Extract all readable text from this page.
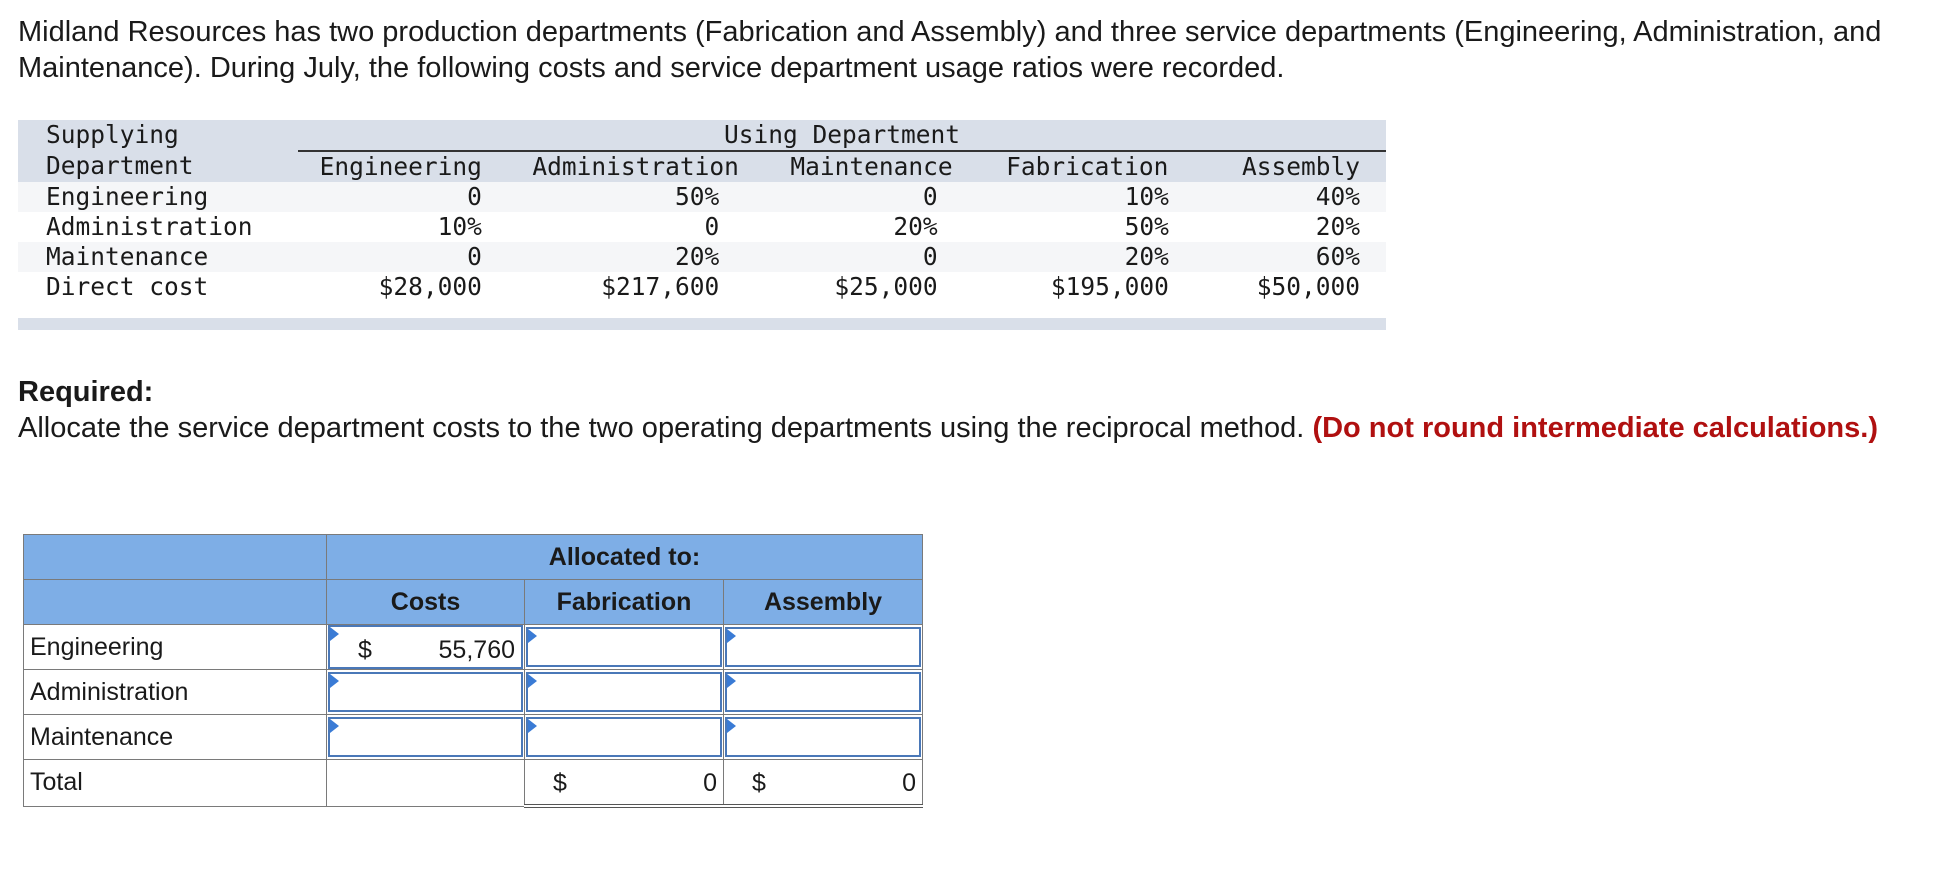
Midland Resources has two production departments (Fabrication and Assembly) and three service departments (Engineering, Administration, and Maintenance). During July, the following costs and service department usage ratios were recorded.

Supplying	Using Department				
Department	Engineering	Administration	Maintenance	Fabrication	Assembly
Engineering	0	50%	0	10%	40%
Administration	10%	0	20%	50%	20%
Maintenance	0	20%	0	20%	60%
Direct cost	$28,000	$217,600	$25,000	$195,000	$50,000

Required:

Allocate the service department costs to the two operating departments using the reciprocal method. (Do not round intermediate calculations.)

	Allocated to:		
	Costs	Fabrication	Assembly
Engineering	$ 55,760		

Administration	

Maintenance	

Total		$ 0	$ 0
